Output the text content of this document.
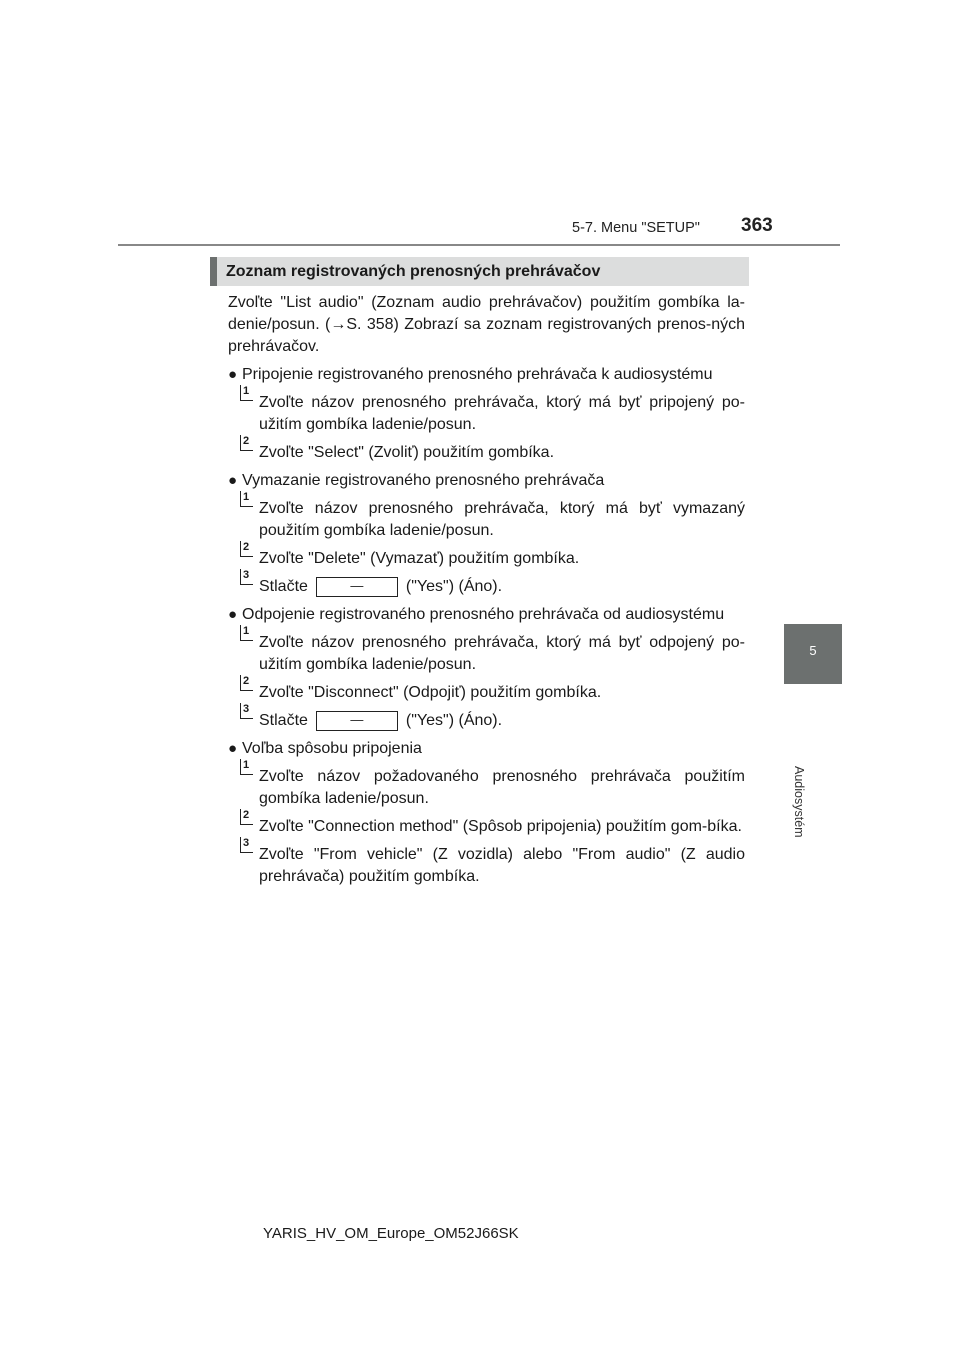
5-7. Menu "SETUP" 363
5
Audiosystém
Zoznam registrovaných prenosných prehrávačov
Zvoľte "List audio" (Zoznam audio prehrávačov) použitím gombíka la-denie/posun. (→S. 358) Zobrazí sa zoznam registrovaných prenos-ných prehrávačov.
● Pripojenie registrovaného prenosného prehrávača k audiosystému
1
Zvoľte názov prenosného prehrávača, ktorý má byť pripojený po-užitím gombíka ladenie/posun.
2
Zvoľte "Select" (Zvoliť) použitím gombíka.
● Vymazanie registrovaného prenosného prehrávača
1
Zvoľte názov prenosného prehrávača, ktorý má byť vymazaný použitím gombíka ladenie/posun.
2
Zvoľte "Delete" (Vymazať) použitím gombíka.
3
Stlačte	—	("Yes") (Áno).
● Odpojenie registrovaného prenosného prehrávača od audiosystému
1
Zvoľte názov prenosného prehrávača, ktorý má byť odpojený po-užitím gombíka ladenie/posun.
2
Zvoľte "Disconnect" (Odpojiť) použitím gombíka.
3
Stlačte	—	("Yes") (Áno).
● Voľba spôsobu pripojenia
1
Zvoľte názov požadovaného prenosného prehrávača použitím gombíka ladenie/posun.
2
Zvoľte "Connection method" (Spôsob pripojenia) použitím gom-bíka.
3
Zvoľte "From vehicle" (Z vozidla) alebo "From audio" (Z audio prehrávača) použitím gombíka.
YARIS_HV_OM_Europe_OM52J66SK
